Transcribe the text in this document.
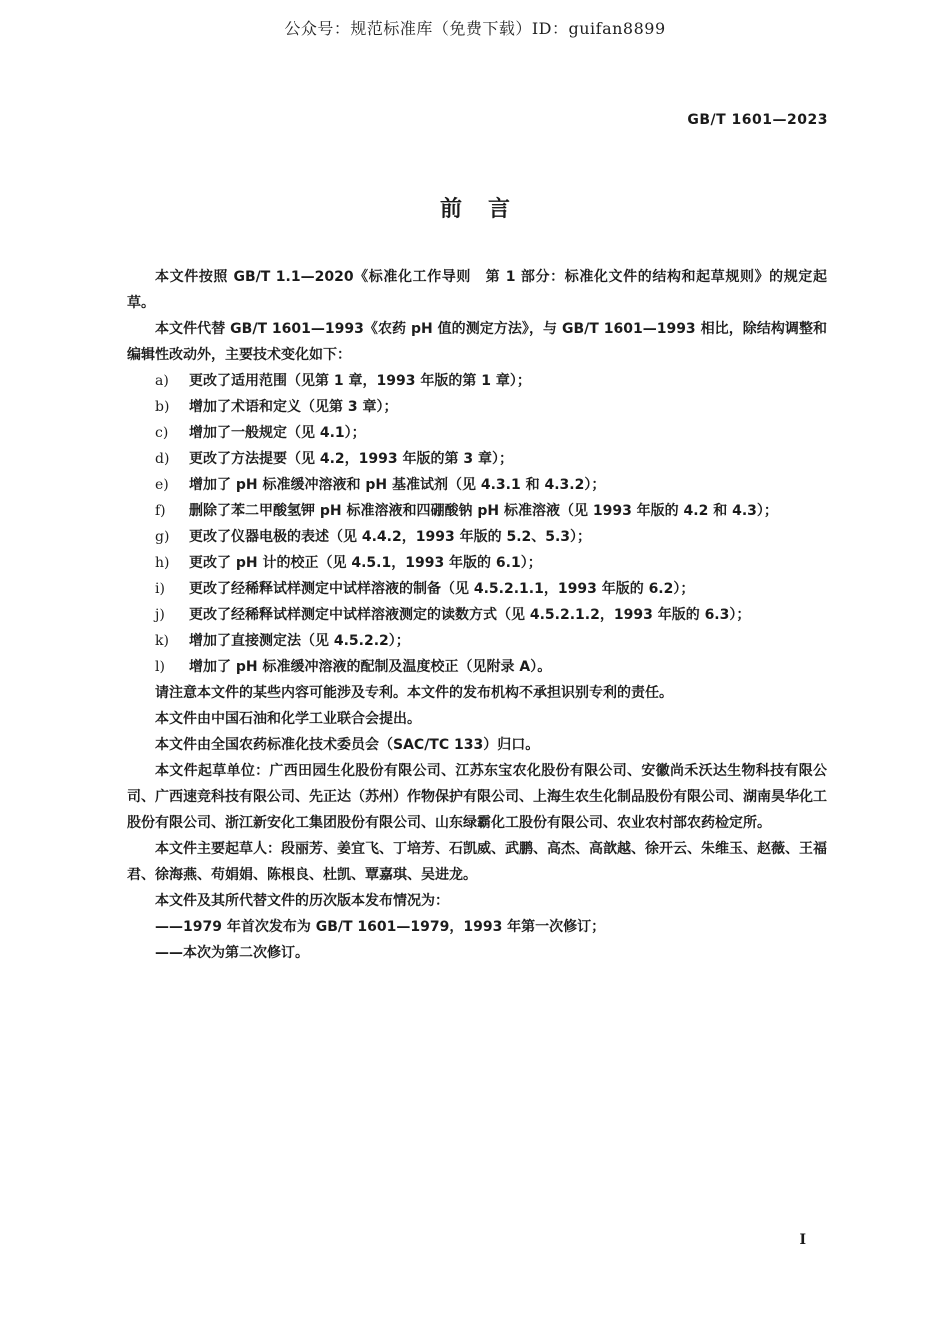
公众号：规范标准库（免费下载）ID：guifan8899
GB/T 1601—2023
前言

本文件按照 GB/T 1.1—2020《标准化工作导则　第 1 部分：标准化文件的结构和起草规则》的规定起草。

本文件代替 GB/T 1601—1993《农药 pH 值的测定方法》，与 GB/T 1601—1993 相比，除结构调整和编辑性改动外，主要技术变化如下：

a)	更改了适用范围（见第 1 章，1993 年版的第 1 章）；
b)	增加了术语和定义（见第 3 章）；
c)	增加了一般规定（见 4.1）；
d)	更改了方法提要（见 4.2，1993 年版的第 3 章）；
e)	增加了 pH 标准缓冲溶液和 pH 基准试剂（见 4.3.1 和 4.3.2）；
f)	删除了苯二甲酸氢钾 pH 标准溶液和四硼酸钠 pH 标准溶液（见 1993 年版的 4.2 和 4.3）；
g)	更改了仪器电极的表述（见 4.4.2，1993 年版的 5.2、5.3）；
h)	更改了 pH 计的校正（见 4.5.1，1993 年版的 6.1）；
i)	更改了经稀释试样测定中试样溶液的制备（见 4.5.2.1.1，1993 年版的 6.2）；
j)	更改了经稀释试样测定中试样溶液测定的读数方式（见 4.5.2.1.2，1993 年版的 6.3）；
k)	增加了直接测定法（见 4.5.2.2）；
l)	增加了 pH 标准缓冲溶液的配制及温度校正（见附录 A）。

请注意本文件的某些内容可能涉及专利。本文件的发布机构不承担识别专利的责任。

本文件由中国石油和化学工业联合会提出。

本文件由全国农药标准化技术委员会（SAC/TC 133）归口。

本文件起草单位：广西田园生化股份有限公司、江苏东宝农化股份有限公司、安徽尚禾沃达生物科技有限公司、广西速竞科技有限公司、先正达（苏州）作物保护有限公司、上海生农生化制品股份有限公司、湖南昊华化工股份有限公司、浙江新安化工集团股份有限公司、山东绿霸化工股份有限公司、农业农村部农药检定所。

本文件主要起草人：段丽芳、姜宜飞、丁培芳、石凯威、武鹏、高杰、高歆越、徐开云、朱维玉、赵薇、王福君、徐海燕、苟娟娟、陈根良、杜凯、覃嘉琪、吴进龙。

本文件及其所代替文件的历次版本发布情况为：

——1979 年首次发布为 GB/T 1601—1979，1993 年第一次修订；

——本次为第二次修订。

I
